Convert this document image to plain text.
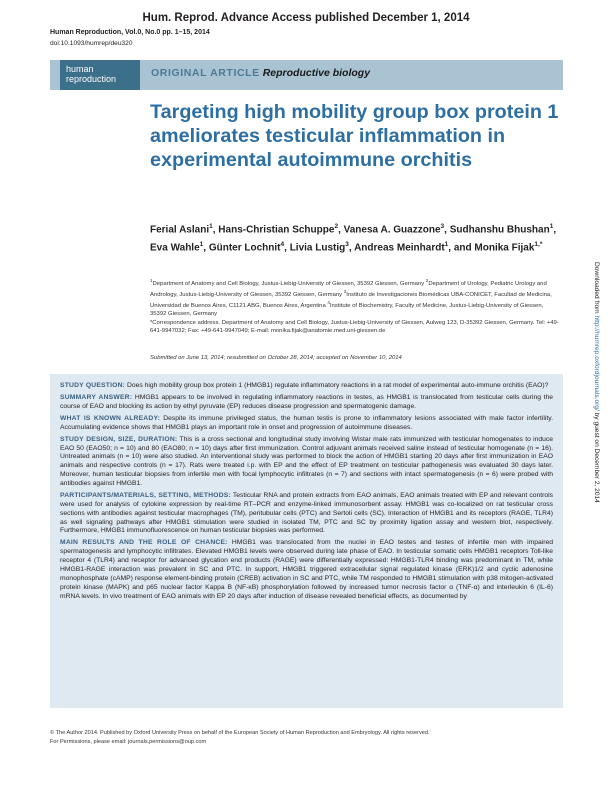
Hum. Reprod. Advance Access published December 1, 2014
Human Reproduction, Vol.0, No.0 pp. 1–15, 2014
doi:10.1093/humrep/deu320
human
reproduction	ORIGINAL ARTICLE Reproductive biology
Targeting high mobility group box protein 1 ameliorates testicular inflammation in experimental autoimmune orchitis

Ferial Aslani$^1$, Hans-Christian Schuppe$^2$, Vanesa A. Guazzone$^3$, Sudhanshu Bhushan$^1$, Eva Wahle$^1$, Günter Lochnit$^4$, Livia Lustig$^3$, Andreas Meinhardt$^1$, and Monika Fijak$^{1,*}$

$^1$Department of Anatomy and Cell Biology, Justus-Liebig-University of Giessen, 35392 Giessen, Germany $^2$Department of Urology, Pediatric Urology and Andrology, Justus-Liebig-University of Giessen, 35392 Giessen, Germany $^3$Instituto de Investigaciones Biomédicas UBA-CONICET, Facultad de Medicina, Universidad de Buenos Aires, C1121 ABG, Buenos Aires, Argentina $^4$Institute of Biochemistry, Faculty of Medicine, Justus-Liebig-University of Giessen, 35392 Giessen, Germany
*Correspondence address. Department of Anatomy and Cell Biology, Justus-Liebig-University of Giessen, Aulweg 123, D-35392 Giessen, Germany. Tel: +49-641-9947032; Fax: +49-641-9947049; E-mail: monika.fijak@anatomie.med.uni-giessen.de
Submitted on June 13, 2014; resubmitted on October 28, 2014; accepted on November 10, 2014

STUDY QUESTION: Does high mobility group box protein 1 (HMGB1) regulate inflammatory reactions in a rat model of experimental auto-immune orchitis (EAO)?

SUMMARY ANSWER: HMGB1 appears to be involved in regulating inflammatory reactions in testes, as HMGB1 is translocated from testicular cells during the course of EAO and blocking its action by ethyl pyruvate (EP) reduces disease progression and spermatogenic damage.

WHAT IS KNOWN ALREADY: Despite its immune privileged status, the human testis is prone to inflammatory lesions associated with male factor infertility. Accumulating evidence shows that HMGB1 plays an important role in onset and progression of autoimmune diseases.

STUDY DESIGN, SIZE, DURATION: This is a cross sectional and longitudinal study involving Wistar male rats immunized with testicular homogenates to induce EAO 50 (EAO50; n = 10) and 80 (EAO80; n = 10) days after first immunization. Control adjuvant animals received saline instead of testicular homogenate (n = 16). Untreated animals (n = 10) were also studied. An interventional study was performed to block the action of HMGB1 starting 20 days after first immunization in EAO animals and respective controls (n = 17). Rats were treated i.p. with EP and the effect of EP treatment on testicular pathogenesis was evaluated 30 days later. Moreover, human testicular biopsies from infertile men with focal lymphocytic infiltrates (n = 7) and sections with intact spermatogenesis (n = 6) were probed with antibodies against HMGB1.

PARTICIPANTS/MATERIALS, SETTING, METHODS: Testicular RNA and protein extracts from EAO animals, EAO animals treated with EP and relevant controls were used for analysis of cytokine expression by real-time RT–PCR and enzyme-linked immunosorbent assay. HMGB1 was co-localized on rat testicular cross sections with antibodies against testicular macrophages (TM), peritubular cells (PTC) and Sertoli cells (SC). Interaction of HMGB1 and its receptors (RAGE, TLR4) as well signaling pathways after HMGB1 stimulation were studied in isolated TM, PTC and SC by proximity ligation assay and western blot, respectively. Furthermore, HMGB1 immunofluorescence on human testicular biopsies was performed.

MAIN RESULTS AND THE ROLE OF CHANCE: HMGB1 was translocated from the nuclei in EAO testes and testes of infertile men with impaired spermatogenesis and lymphocytic infiltrates. Elevated HMGB1 levels were observed during late phase of EAO. In testicular somatic cells HMGB1 receptors Toll-like receptor 4 (TLR4) and receptor for advanced glycation end products (RAGE) were differentially expressed: HMGB1-TLR4 binding was predominant in TM, while HMGB1-RAGE interaction was prevalent in SC and PTC. In support, HMGB1 triggered extracellular signal regulated kinase (ERK)1/2 and cyclic adenosine monophosphate (cAMP) response element-binding protein (CREB) activation in SC and PTC, while TM responded to HMGB1 stimulation with p38 mitogen-activated protein kinase (MAPK) and p65 nuclear factor Kappa B (NF-κB) phosphorylation followed by increased tumor necrosis factor α (TNF-α) and interleukin 6 (IL-6) mRNA levels. In vivo treatment of EAO animals with EP 20 days after induction of disease revealed beneficial effects, as documented by

© The Author 2014. Published by Oxford University Press on behalf of the European Society of Human Reproduction and Embryology. All rights reserved.
For Permissions, please email: journals.permissions@oup.com
Downloaded from http://humrep.oxfordjournals.org/ by guest on December 2, 2014
